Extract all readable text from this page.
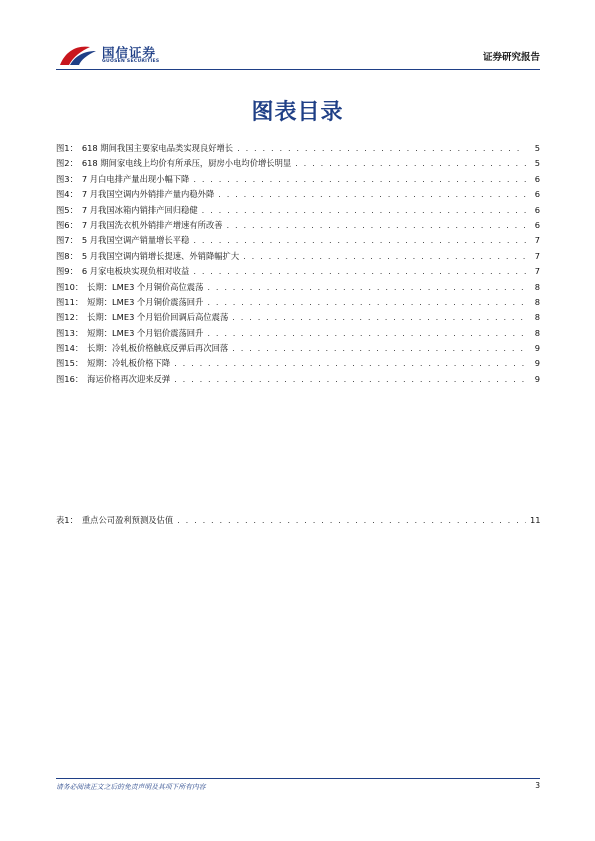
国信证券
GUOSEN SECURITIES	证券研究报告
图表目录
图1： 618 期间我国主要家电品类实现良好增长 . . .	5
图2： 618 期间家电线上均价有所承压，厨房小电均价增长明显 . . .	5
图3： 7 月白电排产量出现小幅下降 . . .	6
图4： 7 月我国空调内外销排产量内稳外降 . . .	6
图5： 7 月我国冰箱内销排产回归稳健 . . .	6
图6： 7 月我国洗衣机外销排产增速有所改善 . . .	6
图7： 5 月我国空调产销量增长平稳 . . .	7
图8： 5 月我国空调内销增长提速、外销降幅扩大 . . .	7
图9： 6 月家电板块实现负相对收益 . . .	7
图10： 长期：LME3 个月铜价高位震荡 . . .	8
图11： 短期：LME3 个月铜价震荡回升 . . .	8
图12： 长期：LME3 个月铝价回调后高位震荡 . . .	8
图13： 短期：LME3 个月铝价震荡回升 . . .	8
图14： 长期：冷轧板价格触底反弹后再次回落 . . .	9
图15： 短期：冷轧板价格下降 . . .	9
图16： 海运价格再次迎来反弹 . . .	9
表1： 重点公司盈利预测及估值 . . .	11
请务必阅读正文之后的免责声明及其项下所有内容	3
